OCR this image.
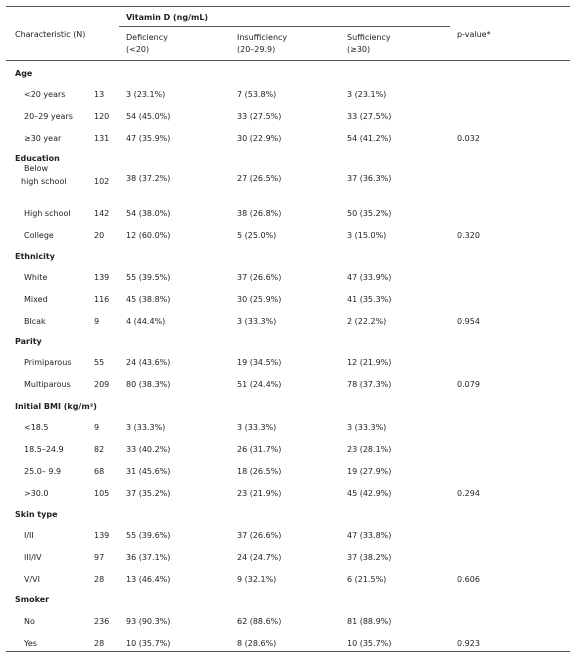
Characteristic (N)
Vitamin D (ng/mL)
Deficiency
(<20)
Insufficiency
(20–29.9)
Sufficiency
(≥30)
p-value*
Age
<20 years	13	3 (23.1%)	7 (53.8%)	3 (23.1%)
20–29 years	120 54 (45.0%)	33 (27.5%)	33 (27.5%)
≥30 year	131 47 (35.9%)	30 (22.9%)	54 (41.2%)	0.032
Education
Below
high school	102 38 (37.2%)	27 (26.5%)	37 (36.3%)
High school	142 54 (38.0%)	38 (26.8%)	50 (35.2%)
College	20	12 (60.0%)	5 (25.0%)	3 (15.0%)	0.320
Ethnicity
White	139 55 (39.5%)	37 (26.6%)	47 (33.9%)
Mixed	116 45 (38.8%)	30 (25.9%)	41 (35.3%)
Blcak	9	4 (44.4%)	3 (33.3%)	2 (22.2%)	0.954
Parity
Primiparous	55	24 (43.6%)	19 (34.5%)	12 (21.9%)
Multiparous	209 80 (38.3%)	51 (24.4%)	78 (37.3%)	0.079
Initial BMI (kg/m²)
<18.5	9	3 (33.3%)	3 (33.3%)	3 (33.3%)
18.5–24.9	82	33 (40.2%)	26 (31.7%)	23 (28.1%)
25.0– 9.9	68	31 (45.6%)	18 (26.5%)	19 (27.9%)
>30.0	105 37 (35.2%)	23 (21.9%)	45 (42.9%)	0.294
Skin type
I/II	139 55 (39.6%)	37 (26.6%)	47 (33.8%)
III/IV	97	36 (37.1%)	24 (24.7%)	37 (38.2%)
V/VI	28	13 (46.4%)	9 (32.1%)	6 (21.5%)	0.606
Smoker
No	236 93 (90.3%)	62 (88.6%)	81 (88.9%)
Yes	28	10 (35.7%)	8 (28.6%)	10 (35.7%)	0.923
